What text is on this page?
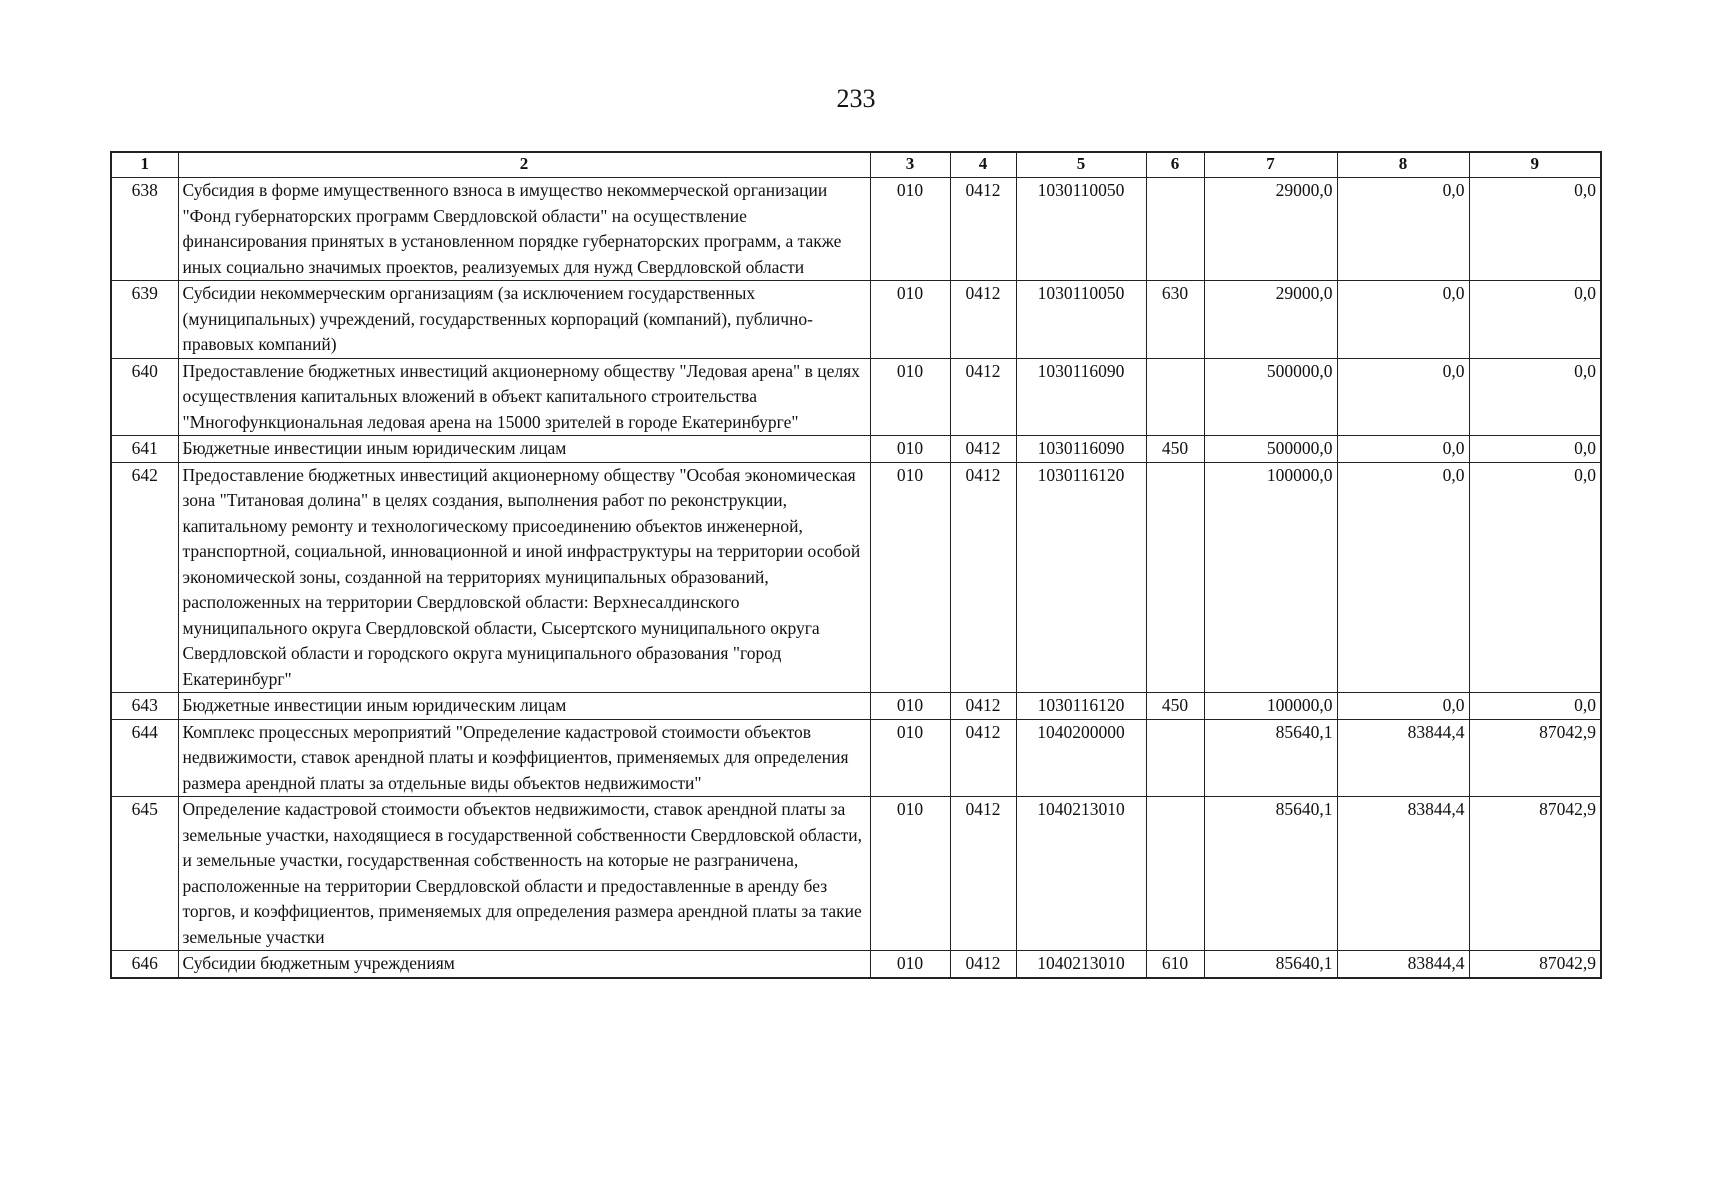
233
1	2	3	4	5	6	7	8	9
638	Субсидия в форме имущественного взноса в имущество некоммерческой организации "Фонд губернаторских программ Свердловской области" на осуществление финансирования принятых в установленном порядке губернаторских программ, а также иных социально значимых проектов, реализуемых для нужд Свердловской области	010	0412	1030110050		29000,0	0,0	0,0
639	Субсидии некоммерческим организациям (за исключением государственных (муниципальных) учреждений, государственных корпораций (компаний), публично-правовых компаний)	010	0412	1030110050	630	29000,0	0,0	0,0
640	Предоставление бюджетных инвестиций акционерному обществу "Ледовая арена" в целях осуществления капитальных вложений в объект капитального строительства "Многофункциональная ледовая арена на 15000 зрителей в городе Екатеринбурге"	010	0412	1030116090		500000,0	0,0	0,0
641	Бюджетные инвестиции иным юридическим лицам	010	0412	1030116090	450	500000,0	0,0	0,0
642	Предоставление бюджетных инвестиций акционерному обществу "Особая экономическая зона "Титановая долина" в целях создания, выполнения работ по реконструкции, капитальному ремонту и технологическому присоединению объектов инженерной, транспортной, социальной, инновационной и иной инфраструктуры на территории особой экономической зоны, созданной на территориях муниципальных образований, расположенных на территории Свердловской области: Верхнесалдинского муниципального округа Свердловской области, Сысертского муниципального округа Свердловской области и городского округа муниципального образования "город Екатеринбург"	010	0412	1030116120		100000,0	0,0	0,0
643	Бюджетные инвестиции иным юридическим лицам	010	0412	1030116120	450	100000,0	0,0	0,0
644	Комплекс процессных мероприятий "Определение кадастровой стоимости объектов недвижимости, ставок арендной платы и коэффициентов, применяемых для определения размера арендной платы за отдельные виды объектов недвижимости"	010	0412	1040200000		85640,1	83844,4	87042,9
645	Определение кадастровой стоимости объектов недвижимости, ставок арендной платы за земельные участки, находящиеся в государственной собственности Свердловской области, и земельные участки, государственная собственность на которые не разграничена, расположенные на территории Свердловской области и предоставленные в аренду без торгов, и коэффициентов, применяемых для определения размера арендной платы за такие земельные участки	010	0412	1040213010		85640,1	83844,4	87042,9
646	Субсидии бюджетным учреждениям	010	0412	1040213010	610	85640,1	83844,4	87042,9
